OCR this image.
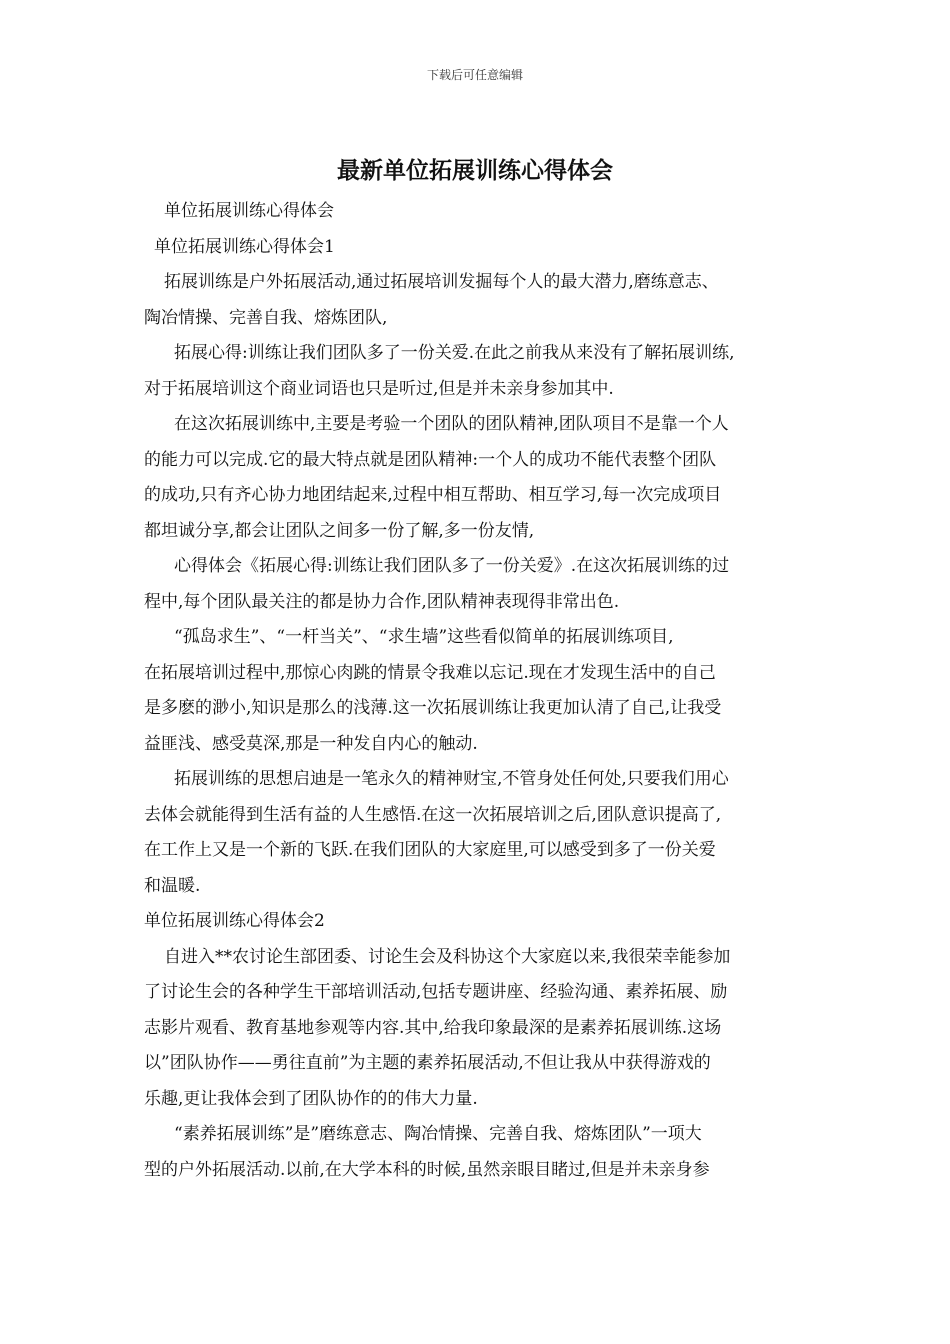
下载后可任意编辑
最新单位拓展训练心得体会

单位拓展训练心得体会

单位拓展训练心得体会1

拓展训练是户外拓展活动,通过拓展培训发掘每个人的最大潜力,磨练意志、

陶冶情操、完善自我、熔炼团队,

拓展心得:训练让我们团队多了一份关爱.在此之前我从来没有了解拓展训练,

对于拓展培训这个商业词语也只是听过,但是并未亲身参加其中.

在这次拓展训练中,主要是考验一个团队的团队精神,团队项目不是靠一个人

的能力可以完成.它的最大特点就是团队精神:一个人的成功不能代表整个团队

的成功,只有齐心协力地团结起来,过程中相互帮助、相互学习,每一次完成项目

都坦诚分享,都会让团队之间多一份了解,多一份友情,

心得体会《拓展心得:训练让我们团队多了一份关爱》.在这次拓展训练的过

程中,每个团队最关注的都是协力合作,团队精神表现得非常出色.

“孤岛求生”、“一杆当关”、“求生墙”这些看似简单的拓展训练项目,

在拓展培训过程中,那惊心肉跳的情景令我难以忘记.现在才发现生活中的自己

是多麽的渺小,知识是那么的浅薄.这一次拓展训练让我更加认清了自己,让我受

益匪浅、感受莫深,那是一种发自内心的触动.

拓展训练的思想启迪是一笔永久的精神财宝,不管身处任何处,只要我们用心

去体会就能得到生活有益的人生感悟.在这一次拓展培训之后,团队意识提高了,

在工作上又是一个新的飞跃.在我们团队的大家庭里,可以感受到多了一份关爱

和温暖.

单位拓展训练心得体会2

自进入**农讨论生部团委、讨论生会及科协这个大家庭以来,我很荣幸能参加

了讨论生会的各种学生干部培训活动,包括专题讲座、经验沟通、素养拓展、励

志影片观看、教育基地参观等内容.其中,给我印象最深的是素养拓展训练.这场

以”团队协作——勇往直前”为主题的素养拓展活动,不但让我从中获得游戏的

乐趣,更让我体会到了团队协作的的伟大力量.

“素养拓展训练”是”磨练意志、陶冶情操、完善自我、熔炼团队”一项大

型的户外拓展活动.以前,在大学本科的时候,虽然亲眼目睹过,但是并未亲身参
